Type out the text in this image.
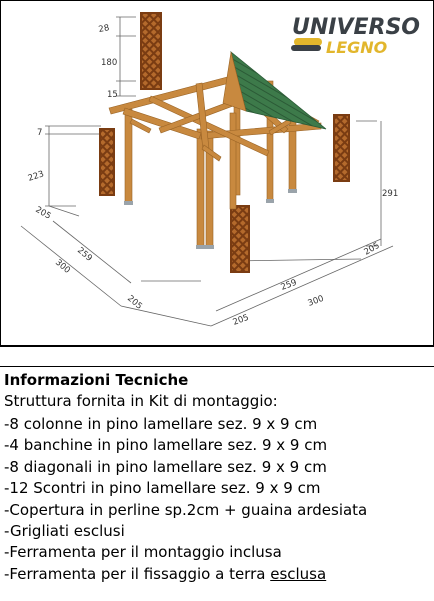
UNIVERSO
LEGNO
28
180
15
7
223
205
259
300
205
205
205
259
300
291
Informazioni Tecniche
Struttura fornita in Kit di montaggio:
-8 colonne in pino lamellare sez. 9 x 9 cm
-4 banchine in pino lamellare sez. 9 x 9 cm
-8 diagonali in pino lamellare sez. 9 x 9 cm
-12 Scontri in pino lamellare sez. 9 x 9 cm
-Copertura in perline sp.2cm + guaina ardesiata
-Grigliati esclusi
-Ferramenta per il montaggio inclusa
-Ferramenta per il fissaggio a terra esclusa
